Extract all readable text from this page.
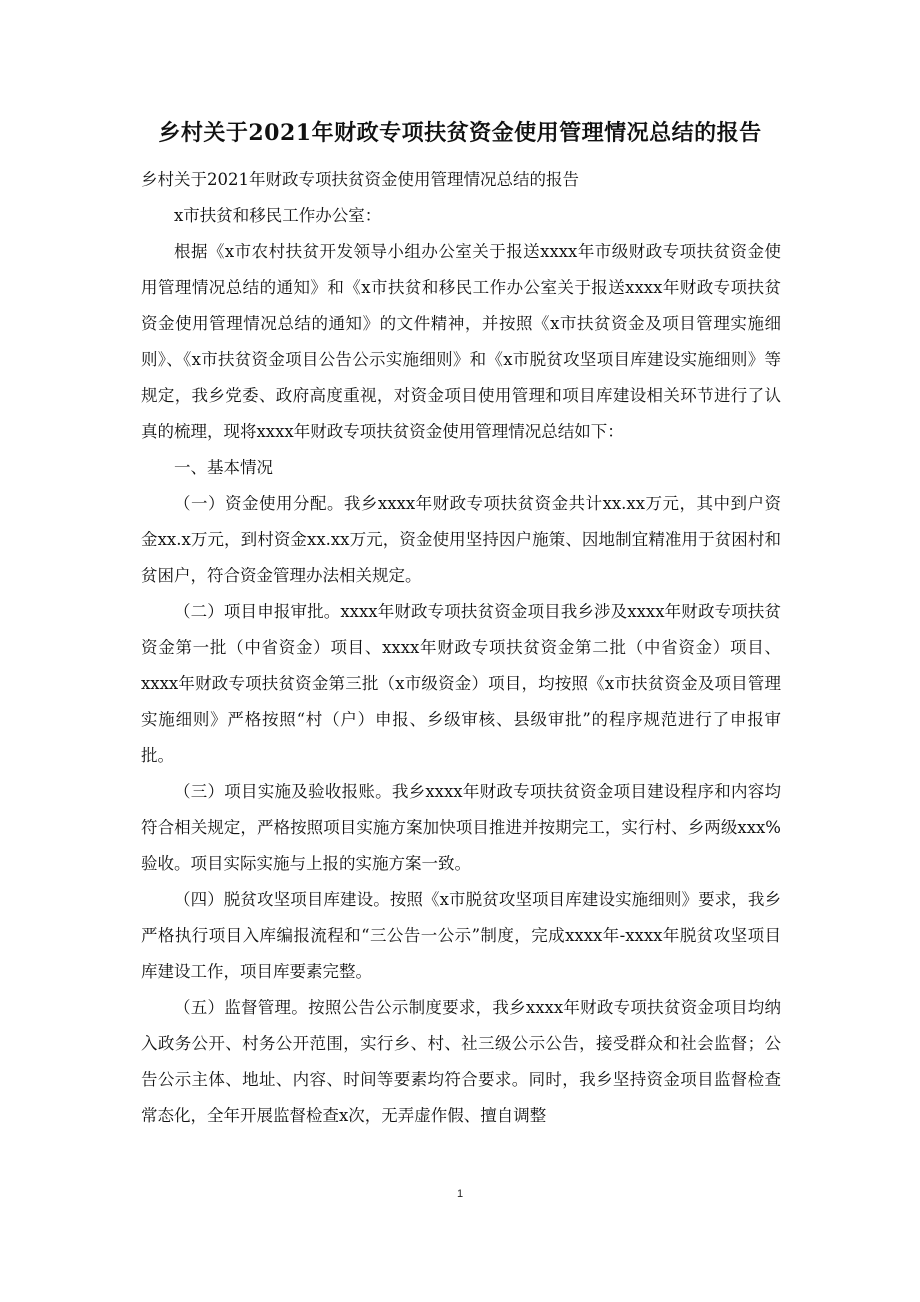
乡村关于2021年财政专项扶贫资金使用管理情况总结的报告

乡村关于2021年财政专项扶贫资金使用管理情况总结的报告

x市扶贫和移民工作办公室：

根据《x市农村扶贫开发领导小组办公室关于报送xxxx年市级财政专项扶贫资金使用管理情况总结的通知》和《x市扶贫和移民工作办公室关于报送xxxx年财政专项扶贫资金使用管理情况总结的通知》的文件精神，并按照《x市扶贫资金及项目管理实施细则》、《x市扶贫资金项目公告公示实施细则》和《x市脱贫攻坚项目库建设实施细则》等规定，我乡党委、政府高度重视，对资金项目使用管理和项目库建设相关环节进行了认真的梳理，现将xxxx年财政专项扶贫资金使用管理情况总结如下：

一、基本情况

（一）资金使用分配。我乡xxxx年财政专项扶贫资金共计xx.xx万元，其中到户资金xx.x万元，到村资金xx.xx万元，资金使用坚持因户施策、因地制宜精准用于贫困村和贫困户，符合资金管理办法相关规定。

（二）项目申报审批。xxxx年财政专项扶贫资金项目我乡涉及xxxx年财政专项扶贫资金第一批（中省资金）项目、xxxx年财政专项扶贫资金第二批（中省资金）项目、xxxx年财政专项扶贫资金第三批（x市级资金）项目，均按照《x市扶贫资金及项目管理实施细则》严格按照“村（户）申报、乡级审核、县级审批”的程序规范进行了申报审批。

（三）项目实施及验收报账。我乡xxxx年财政专项扶贫资金项目建设程序和内容均符合相关规定，严格按照项目实施方案加快项目推进并按期完工，实行村、乡两级xxx%验收。项目实际实施与上报的实施方案一致。

（四）脱贫攻坚项目库建设。按照《x市脱贫攻坚项目库建设实施细则》要求，我乡严格执行项目入库编报流程和“三公告一公示”制度，完成xxxx年-xxxx年脱贫攻坚项目库建设工作，项目库要素完整。

（五）监督管理。按照公告公示制度要求，我乡xxxx年财政专项扶贫资金项目均纳入政务公开、村务公开范围，实行乡、村、社三级公示公告，接受群众和社会监督；公告公示主体、地址、内容、时间等要素均符合要求。同时，我乡坚持资金项目监督检查常态化，全年开展监督检查x次，无弄虚作假、擅自调整

1
